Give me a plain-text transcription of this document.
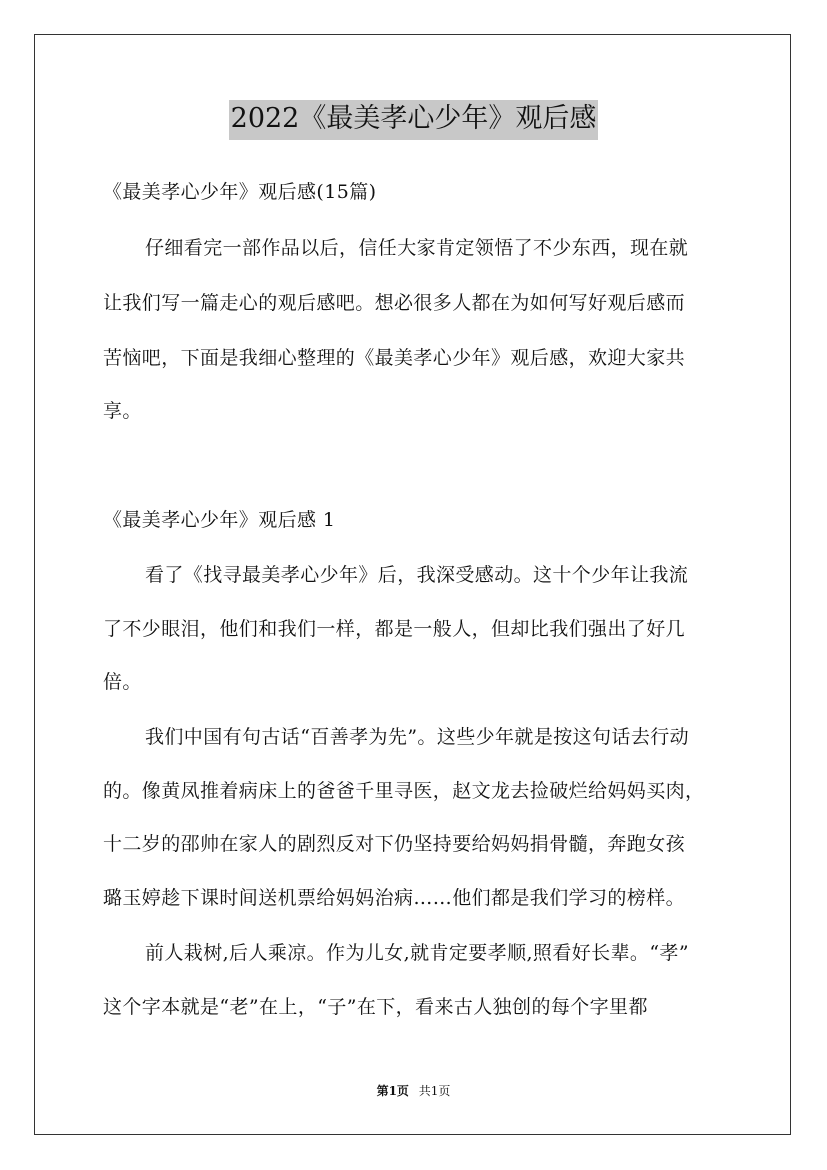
2022《最美孝心少年》观后感
《最美孝心少年》观后感(15篇)
仔细看完一部作品以后，信任大家肯定领悟了不少东西，现在就
让我们写一篇走心的观后感吧。想必很多人都在为如何写好观后感而
苦恼吧，下面是我细心整理的《最美孝心少年》观后感，欢迎大家共
享。
《最美孝心少年》观后感 1
看了《找寻最美孝心少年》后，我深受感动。这十个少年让我流
了不少眼泪，他们和我们一样，都是一般人，但却比我们强出了好几
倍。
我们中国有句古话“百善孝为先”。这些少年就是按这句话去行动
的。像黄凤推着病床上的爸爸千里寻医，赵文龙去捡破烂给妈妈买肉，
十二岁的邵帅在家人的剧烈反对下仍坚持要给妈妈捐骨髓，奔跑女孩
璐玉婷趁下课时间送机票给妈妈治病……他们都是我们学习的榜样。
前人栽树,后人乘凉。作为儿女,就肯定要孝顺,照看好长辈。“孝”
这个字本就是“老”在上，“子”在下，看来古人独创的每个字里都
第1页 共1页
